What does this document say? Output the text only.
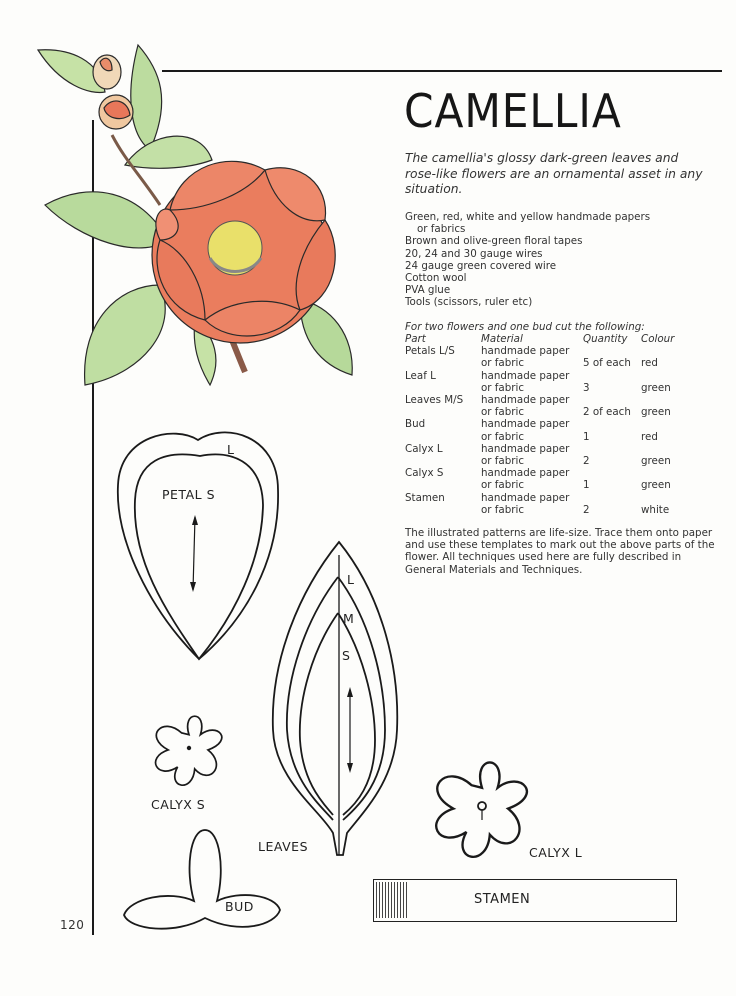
120
L
PETAL S
L
M
S
LEAVES
CALYX S
CALYX L
BUD	STAMEN
CAMELLIA
The camellia's glossy dark-green leaves and rose-like flowers are an ornamental asset in any situation.
Green, red, white and yellow handmade papers
or fabrics
Brown and olive-green floral tapes
20, 24 and 30 gauge wires
24 gauge green covered wire
Cotton wool
PVA glue
Tools (scissors, ruler etc)
For two flowers and one bud cut the following:
Part	Material	Quantity	Colour
Petals L/S	handmade paper		
	or fabric	5 of each	red
Leaf L	handmade paper		
	or fabric	3	green
Leaves M/S	handmade paper		
	or fabric	2 of each	green
Bud	handmade paper		
	or fabric	1	red
Calyx L	handmade paper		
	or fabric	2	green
Calyx S	handmade paper		
	or fabric	1	green
Stamen	handmade paper		
	or fabric	2	white
The illustrated patterns are life-size. Trace them onto paper and use these templates to mark out the above parts of the flower. All techniques used here are fully described in General Materials and Techniques.
